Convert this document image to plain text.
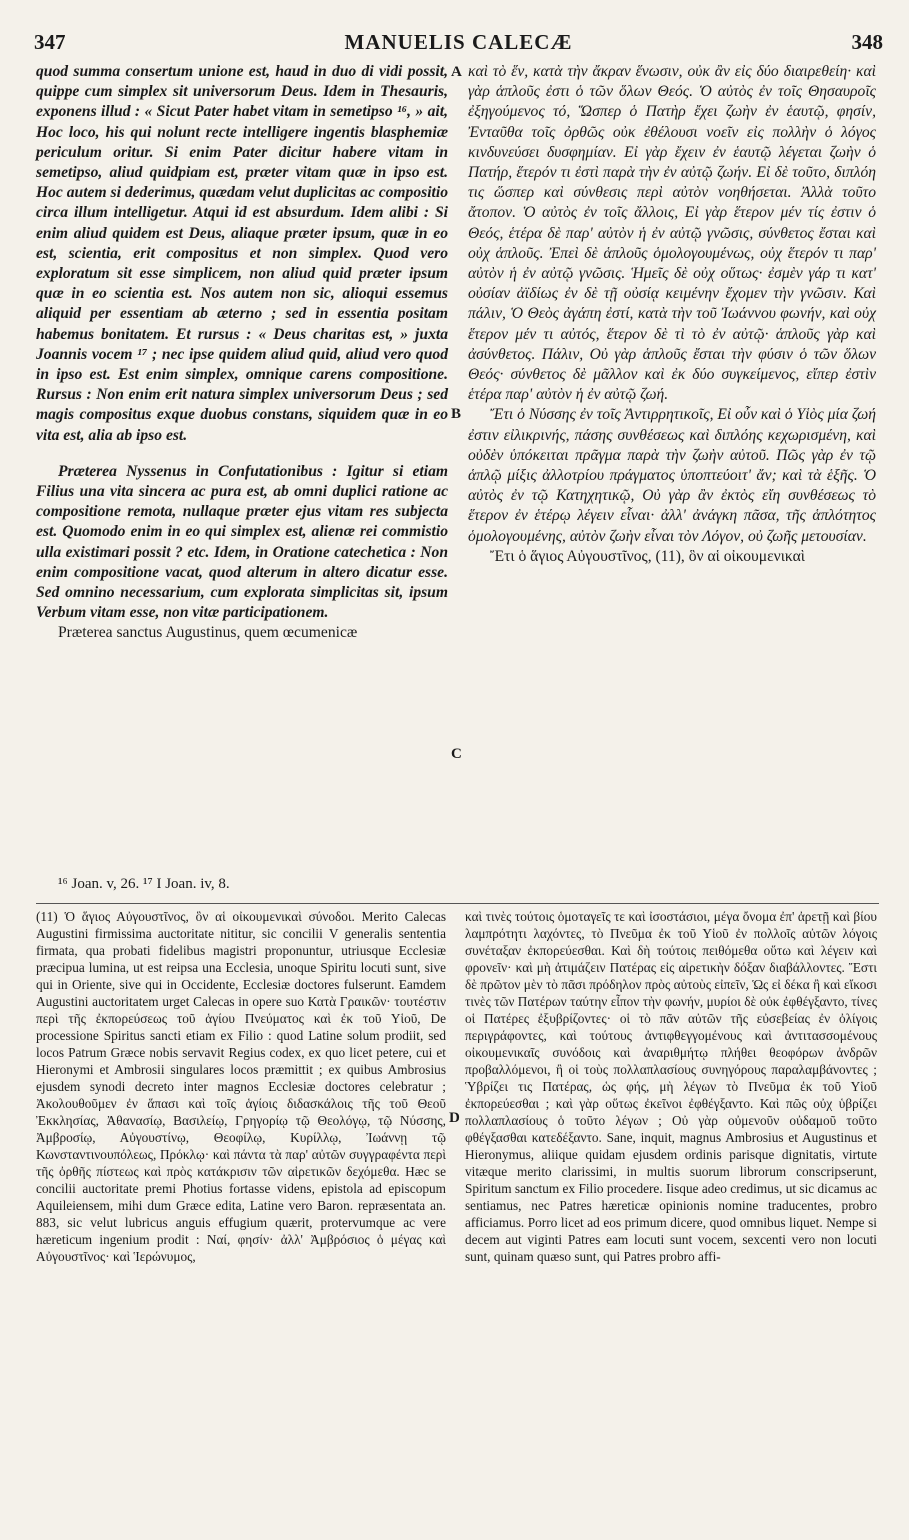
347	MANUELIS CALECÆ	348

quod summa consertum unione est, haud in duo di vidi possit, quippe cum simplex sit universorum Deus. Idem in Thesauris, exponens illud : « Sicut Pater habet vitam in semetipso ¹⁶, » ait, Hoc loco, his qui nolunt recte intelligere ingentis blasphemiæ periculum oritur. Si enim Pater dicitur habere vitam in semetipso, aliud quidpiam est, præter vitam quæ in ipso est. Hoc autem si dederimus, quædam velut duplicitas ac compositio circa illum intelligetur. Atqui id est absurdum. Idem alibi : Si enim aliud quidem est Deus, aliaque præter ipsum, quæ in eo est, scientia, erit compositus et non simplex. Quod vero exploratum sit esse simplicem, non aliud quid præter ipsum quæ in eo scientia est. Nos autem non sic, alioqui essemus aliquid per essentiam ab æterno ; sed in essentia positam habemus bonitatem. Et rursus : « Deus charitas est, » juxta Joannis vocem ¹⁷ ; nec ipse quidem aliud quid, aliud vero quod in ipso est. Est enim simplex, omnique carens compositione. Rursus : Non enim erit natura simplex universorum Deus ; sed magis compositus exque duobus constans, siquidem quæ in eo vita est, alia ab ipso est.

Præterea Nyssenus in Confutationibus : Igitur si etiam Filius una vita sincera ac pura est, ab omni duplici ratione ac compositione remota, nullaque præter ejus vitam res subjecta est. Quomodo enim in eo qui simplex est, alienæ rei commistio ulla existimari possit ? etc. Idem, in Oratione catechetica : Non enim compositione vacat, quod alterum in altero dicatur esse. Sed omnino necessarium, cum explorata simplicitas sit, ipsum Verbum vitam esse, non vitæ participationem.

Præterea sanctus Augustinus, quem œcumenicæ

καὶ τὸ ἕν, κατὰ τὴν ἄκραν ἕνωσιν, οὐκ ἂν εἰς δύο διαιρεθείη· καὶ γὰρ ἁπλοῦς ἐστι ὁ τῶν ὅλων Θεός. Ὁ αὐτὸς ἐν τοῖς Θησαυροῖς ἐξηγούμενος τό, Ὥσπερ ὁ Πατὴρ ἔχει ζωὴν ἐν ἑαυτῷ, φησίν, Ἐνταῦθα τοῖς ὀρθῶς οὐκ ἐθέλουσι νοεῖν εἰς πολλὴν ὁ λόγος κινδυνεύσει δυσφημίαν. Εἰ γὰρ ἔχειν ἐν ἑαυτῷ λέγεται ζωὴν ὁ Πατήρ, ἕτερόν τι ἐστὶ παρὰ τὴν ἐν αὐτῷ ζωήν. Εἰ δὲ τοῦτο, διπλόη τις ὥσπερ καὶ σύνθεσις περὶ αὐτὸν νοηθήσεται. Ἀλλὰ τοῦτο ἄτοπον. Ὁ αὐτὸς ἐν τοῖς ἄλλοις, Εἰ γὰρ ἕτερον μέν τίς ἐστιν ὁ Θεός, ἑτέρα δὲ παρ' αὐτὸν ἡ ἐν αὐτῷ γνῶσις, σύνθετος ἔσται καὶ οὐχ ἁπλοῦς. Ἐπεὶ δὲ ἁπλοῦς ὁμολογουμένως, οὐχ ἕτερόν τι παρ' αὐτὸν ἡ ἐν αὐτῷ γνῶσις. Ἡμεῖς δὲ οὐχ οὕτως· ἐσμὲν γάρ τι κατ' οὐσίαν ἀϊδίως ἐν δὲ τῇ οὐσίᾳ κειμένην ἔχομεν τὴν γνῶσιν. Καὶ πάλιν, Ὁ Θεὸς ἀγάπη ἐστί, κατὰ τὴν τοῦ Ἰωάννου φωνήν, καὶ οὐχ ἕτερον μέν τι αὐτός, ἕτερον δὲ τὶ τὸ ἐν αὐτῷ· ἁπλοῦς γὰρ καὶ ἀσύνθετος. Πάλιν, Οὐ γὰρ ἁπλοῦς ἔσται τὴν φύσιν ὁ τῶν ὅλων Θεός· σύνθετος δὲ μᾶλλον καὶ ἐκ δύο συγκείμενος, εἴπερ ἐστὶν ἑτέρα παρ' αὐτὸν ἡ ἐν αὐτῷ ζωή.

Ἔτι ὁ Νύσσης ἐν τοῖς Ἀντιρρητικοῖς, Εἰ οὖν καὶ ὁ Υἱὸς μία ζωή ἐστιν εἰλικρινής, πάσης συνθέσεως καὶ διπλόης κεχωρισμένη, καὶ οὐδὲν ὑπόκειται πρᾶγμα παρὰ τὴν ζωὴν αὐτοῦ. Πῶς γὰρ ἐν τῷ ἁπλῷ μίξις ἀλλοτρίου πράγματος ὑποπτεύοιτ' ἄν; καὶ τὰ ἑξῆς. Ὁ αὐτὸς ἐν τῷ Κατηχητικῷ, Οὐ γὰρ ἂν ἐκτὸς εἴη συνθέσεως τὸ ἕτερον ἐν ἑτέρῳ λέγειν εἶναι· ἀλλ' ἀνάγκη πᾶσα, τῆς ἁπλότητος ὁμολογουμένης, αὐτὸν ζωὴν εἶναι τὸν Λόγον, οὐ ζωῆς μετουσίαν.

Ἔτι ὁ ἅγιος Αὐγουστῖνος, (11), ὃν αἱ οἰκουμενικαὶ

A
B
C
D
¹⁶ Joan. v, 26. ¹⁷ I Joan. iv, 8.

(11) Ὁ ἅγιος Αὐγουστῖνος, ὃν αἱ οἰκουμενικαὶ σύνοδοι. Merito Calecas Augustini firmissima auctoritate nititur, sic concilii V generalis sententia firmata, qua probati fidelibus magistri proponuntur, utriusque Ecclesiæ præcipua lumina, ut est reipsa una Ecclesia, unoque Spiritu locuti sunt, sive qui in Oriente, sive qui in Occidente, Ecclesiæ doctores fulserunt. Eamdem Augustini auctoritatem urget Calecas in opere suo Κατὰ Γραικῶν· τουτέστιν περὶ τῆς ἐκπορεύσεως τοῦ ἁγίου Πνεύματος καὶ ἐκ τοῦ Υἱοῦ, De processione Spiritus sancti etiam ex Filio : quod Latine solum prodiit, sed locos Patrum Græce nobis servavit Regius codex, ex quo licet petere, cui et Hieronymi et Ambrosii singulares locos præmittit ; ex quibus Ambrosius ejusdem synodi decreto inter magnos Ecclesiæ doctores celebratur ; Ἀκολουθοῦμεν ἐν ἅπασι καὶ τοῖς ἁγίοις διδασκάλοις τῆς τοῦ Θεοῦ Ἐκκλησίας, Ἀθανασίῳ, Βασιλείῳ, Γρηγορίῳ τῷ Θεολόγῳ, τῷ Νύσσης, Ἀμβροσίῳ, Αὐγουστίνῳ, Θεοφίλῳ, Κυρίλλῳ, Ἰωάννῃ τῷ Κωνσταντινουπόλεως, Πρόκλῳ· καὶ πάντα τὰ παρ' αὐτῶν συγγραφέντα περὶ τῆς ὀρθῆς πίστεως καὶ πρὸς κατάκρισιν τῶν αἱρετικῶν δεχόμεθα. Hæc se concilii auctoritate premi Photius fortasse videns, epistola ad episcopum Aquileiensem, mihi dum Græce edita, Latine vero Baron. repræsentata an. 883, sic velut lubricus anguis effugium quærit, protervumque ac vere hæreticum ingenium prodit : Ναί, φησίν· ἀλλ' Ἀμβρόσιος ὁ μέγας καὶ Αὐγουστῖνος· καὶ Ἱερώνυμος,

καὶ τινὲς τούτοις ὁμοταγεῖς τε καὶ ἰσοστάσιοι, μέγα ὄνομα ἐπ' ἀρετῇ καὶ βίου λαμπρότητι λαχόντες, τὸ Πνεῦμα ἐκ τοῦ Υἱοῦ ἐν πολλοῖς αὐτῶν λόγοις συνέταξαν ἐκπορεύεσθαι. Καὶ δὴ τούτοις πειθόμεθα οὕτω καὶ λέγειν καὶ φρονεῖν· καὶ μὴ ἀτιμάζειν Πατέρας εἰς αἱρετικὴν δόξαν διαβάλλοντες. Ἔστι δὲ πρῶτον μὲν τὸ πᾶσι πρόδηλον πρὸς αὐτοὺς εἰπεῖν, Ὡς εἰ δέκα ἢ καὶ εἴκοσι τινὲς τῶν Πατέρων ταύτην εἶπον τὴν φωνήν, μυρίοι δὲ οὐκ ἐφθέγξαντο, τίνες οἱ Πατέρες ἐξυβρίζοντες· οἱ τὸ πᾶν αὐτῶν τῆς εὐσεβείας ἐν ὀλίγοις περιγράφοντες, καὶ τούτους ἀντιφθεγγομένους καὶ ἀντιτασσομένους οἰκουμενικαῖς συνόδοις καὶ ἀναριθμήτῳ πλήθει θεοφόρων ἀνδρῶν προβαλλόμενοι, ἢ οἱ τοὺς πολλαπλασίους συνηγόρους παραλαμβάνοντες ; Ὑβρίζει τις Πατέρας, ὡς φής, μὴ λέγων τὸ Πνεῦμα ἐκ τοῦ Υἱοῦ ἐκπορεύεσθαι ; καὶ γὰρ οὕτως ἐκεῖνοι ἐφθέγξαντο. Καὶ πῶς οὐχ ὑβρίζει πολλαπλασίους ὁ τοῦτο λέγων ; Οὐ γὰρ οὐμενοῦν οὐδαμοῦ τοῦτο φθέγξασθαι κατεδέξαντο. Sane, inquit, magnus Ambrosius et Augustinus et Hieronymus, aliique quidam ejusdem ordinis parisque dignitatis, virtute vitæque merito clarissimi, in multis suorum librorum conscripserunt, Spiritum sanctum ex Filio procedere. Iisque adeo credimus, ut sic dicamus ac sentiamus, nec Patres hæreticæ opinionis nomine traducentes, probro afficiamus. Porro licet ad eos primum dicere, quod omnibus liquet. Nempe si decem aut viginti Patres eam locuti sunt vocem, sexcenti vero non locuti sunt, quinam quæso sunt, qui Patres probro affi-
